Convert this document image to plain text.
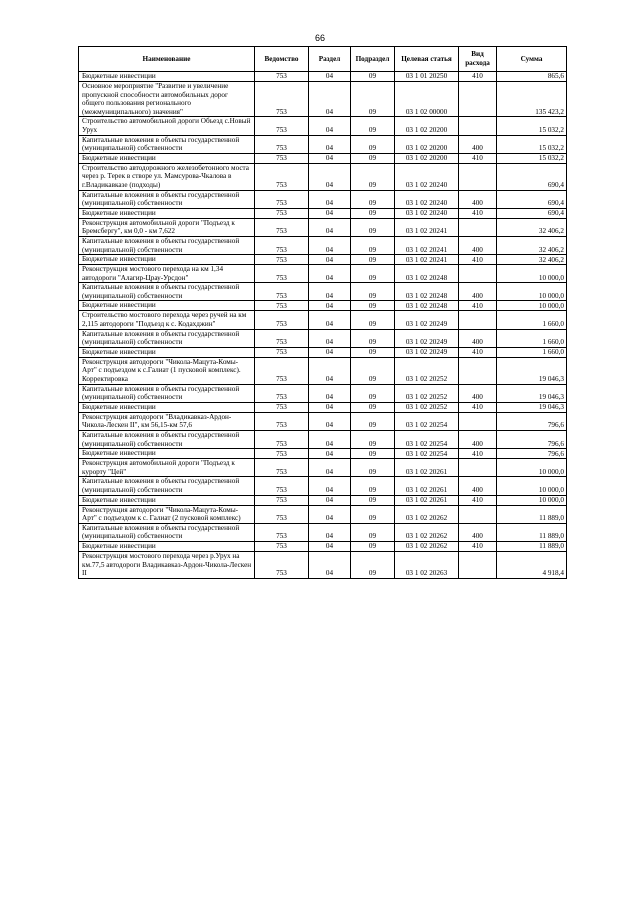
66
Наименование	Ведомство	Раздел	Подраздел	Целевая статья	Вид расхода	Сумма
Бюджетные инвестиции	753	04	09	03 1 01 20250	410	865,6
Основное мероприятие "Развитие и увеличение пропускной способности автомобильных дорог общего пользования регионального (межмуниципального) значения"	753	04	09	03 1 02 00000		135 423,2
Строительство автомобильной дороги Объезд с.Новый Урух	753	04	09	03 1 02 20200		15 032,2
Капитальные вложения в объекты государственной (муниципальной) собственности	753	04	09	03 1 02 20200	400	15 032,2
Бюджетные инвестиции	753	04	09	03 1 02 20200	410	15 032,2
Строительство автодорожного железобетонного моста через р. Терек в створе ул. Мамсурова-Чкалова в г.Владикавказе (подходы)	753	04	09	03 1 02 20240		690,4
Капитальные вложения в объекты государственной (муниципальной) собственности	753	04	09	03 1 02 20240	400	690,4
Бюджетные инвестиции	753	04	09	03 1 02 20240	410	690,4
Реконструкция автомобильной дороги "Подъезд к Бремсбергу", км 0,0 - км 7,622	753	04	09	03 1 02 20241		32 406,2
Капитальные вложения в объекты государственной (муниципальной) собственности	753	04	09	03 1 02 20241	400	32 406,2
Бюджетные инвестиции	753	04	09	03 1 02 20241	410	32 406,2
Реконструкция мостового перехода на км 1,34 автодороги "Алагир-Црау-Урсдон"	753	04	09	03 1 02 20248		10 000,0
Капитальные вложения в объекты государственной (муниципальной) собственности	753	04	09	03 1 02 20248	400	10 000,0
Бюджетные инвестиции	753	04	09	03 1 02 20248	410	10 000,0
Строительство мостового перехода через ручей на км 2,115 автодороги "Подъезд к с. Кодахджин"	753	04	09	03 1 02 20249		1 660,0
Капитальные вложения в объекты государственной (муниципальной) собственности	753	04	09	03 1 02 20249	400	1 660,0
Бюджетные инвестиции	753	04	09	03 1 02 20249	410	1 660,0
Реконструкция автодороги "Чикола-Мацута-Комы-Арт" с подъездом к с.Галиат (1 пусковой комплекс). Корректировка	753	04	09	03 1 02 20252		19 046,3
Капитальные вложения в объекты государственной (муниципальной) собственности	753	04	09	03 1 02 20252	400	19 046,3
Бюджетные инвестиции	753	04	09	03 1 02 20252	410	19 046,3
Реконструкция автодороги "Владикавказ-Ардон-Чикола-Лескен II", км 56,15-км 57,6	753	04	09	03 1 02 20254		796,6
Капитальные вложения в объекты государственной (муниципальной) собственности	753	04	09	03 1 02 20254	400	796,6
Бюджетные инвестиции	753	04	09	03 1 02 20254	410	796,6
Реконструкция автомобильной дороги "Подъезд к курорту "Цей"	753	04	09	03 1 02 20261		10 000,0
Капитальные вложения в объекты государственной (муниципальной) собственности	753	04	09	03 1 02 20261	400	10 000,0
Бюджетные инвестиции	753	04	09	03 1 02 20261	410	10 000,0
Реконструкция автодороги "Чикола-Мацута-Комы-Арт" с подъездом к с. Галиат (2 пусковой комплекс)	753	04	09	03 1 02 20262		11 889,0
Капитальные вложения в объекты государственной (муниципальной) собственности	753	04	09	03 1 02 20262	400	11 889,0
Бюджетные инвестиции	753	04	09	03 1 02 20262	410	11 889,0
Реконструкция мостового перехода через р.Урух на км.77,5 автодороги Владикавказ-Ардон-Чикола-Лескен II	753	04	09	03 1 02 20263		4 918,4
